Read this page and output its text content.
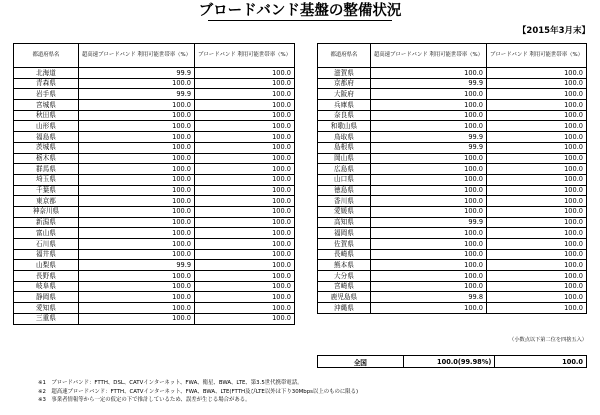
ブロードバンド基盤の整備状況
【2015年3月末】
都道府県名	超高速ブロードバンド 利用可能世帯率（%）	ブロードバンド 利用可能世帯率（%）
北海道	99.9	100.0
青森県	100.0	100.0
岩手県	99.9	100.0
宮城県	100.0	100.0
秋田県	100.0	100.0
山形県	100.0	100.0
福島県	100.0	100.0
茨城県	100.0	100.0
栃木県	100.0	100.0
群馬県	100.0	100.0
埼玉県	100.0	100.0
千葉県	100.0	100.0
東京都	100.0	100.0
神奈川県	100.0	100.0
新潟県	100.0	100.0
富山県	100.0	100.0
石川県	100.0	100.0
福井県	100.0	100.0
山梨県	99.9	100.0
長野県	100.0	100.0
岐阜県	100.0	100.0
静岡県	100.0	100.0
愛知県	100.0	100.0
三重県	100.0	100.0
都道府県名	超高速ブロードバンド 利用可能世帯率（%）	ブロードバンド 利用可能世帯率（%）
滋賀県	100.0	100.0
京都府	99.9	100.0
大阪府	100.0	100.0
兵庫県	100.0	100.0
奈良県	100.0	100.0
和歌山県	100.0	100.0
鳥取県	99.9	100.0
島根県	99.9	100.0
岡山県	100.0	100.0
広島県	100.0	100.0
山口県	100.0	100.0
徳島県	100.0	100.0
香川県	100.0	100.0
愛媛県	100.0	100.0
高知県	99.9	100.0
福岡県	100.0	100.0
佐賀県	100.0	100.0
長崎県	100.0	100.0
熊本県	100.0	100.0
大分県	100.0	100.0
宮崎県	100.0	100.0
鹿児島県	99.8	100.0
沖縄県	100.0	100.0
（小数点以下第二位を四捨五入）
全国	100.0(99.98%)	100.0
※1　ブロードバンド：FTTH、DSL、CATVインターネット、FWA、衛星、BWA、LTE、第3.5世代携帯電話。
※2　超高速ブロードバンド：FTTH、CATVインターネット、FWA、BWA、LTE(FTTH及びLTE以外は下り30Mbps以上のものに限る)
※3　事業者情報等から一定の仮定の下で推計しているため、誤差が生じる場合がある。
